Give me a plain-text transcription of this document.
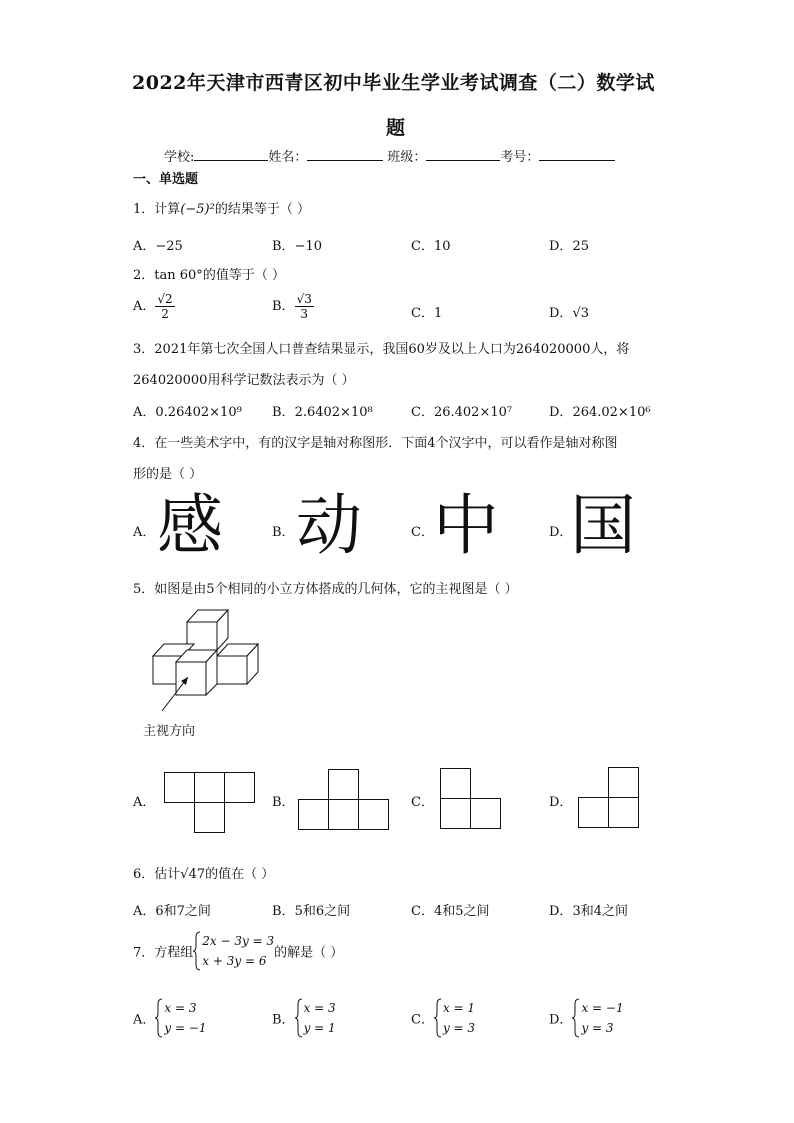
2022年天津市西青区初中毕业生学业考试调查（二）数学试
题
学校:	姓名：	班级：	考号：
一、单选题
1．计算(−5)²的结果等于（ ）
A．−25	B．−10	C．10	D．25
2．tan 60°的值等于（ ）
A． $\frac{√2}{2}$	B． $\frac{√3}{3}$	C．1	D．√3
3．2021年第七次全国人口普查结果显示，我国60岁及以上人口为264020000人，将
264020000用科学记数法表示为（ ）
A．0.26402×10⁹ B．2.6402×10⁸	C．26.402×10⁷	D．264.02×10⁶
4．在一些美术字中，有的汉字是轴对称图形．下面4个汉字中，可以看作是轴对称图
形的是（ ）
A． 感	B． 动	C． 中	D．
国
5．如图是由5个相同的小立方体搭成的几何体，它的主视图是（ ）
主视方向
A．	B．	C．	D．
6．估计√47的值在（ ）
A．6和7之间	B．5和6之间	C．4和5之间	D．3和4之间
7．方程组
2x − 3y = 3
x + 3y = 6
的解是（ ）
A．
x = 3
y = −1
B．
x = 3
y = 1
C．
x = 1
y = 3
D．
x = −1
y = 3
